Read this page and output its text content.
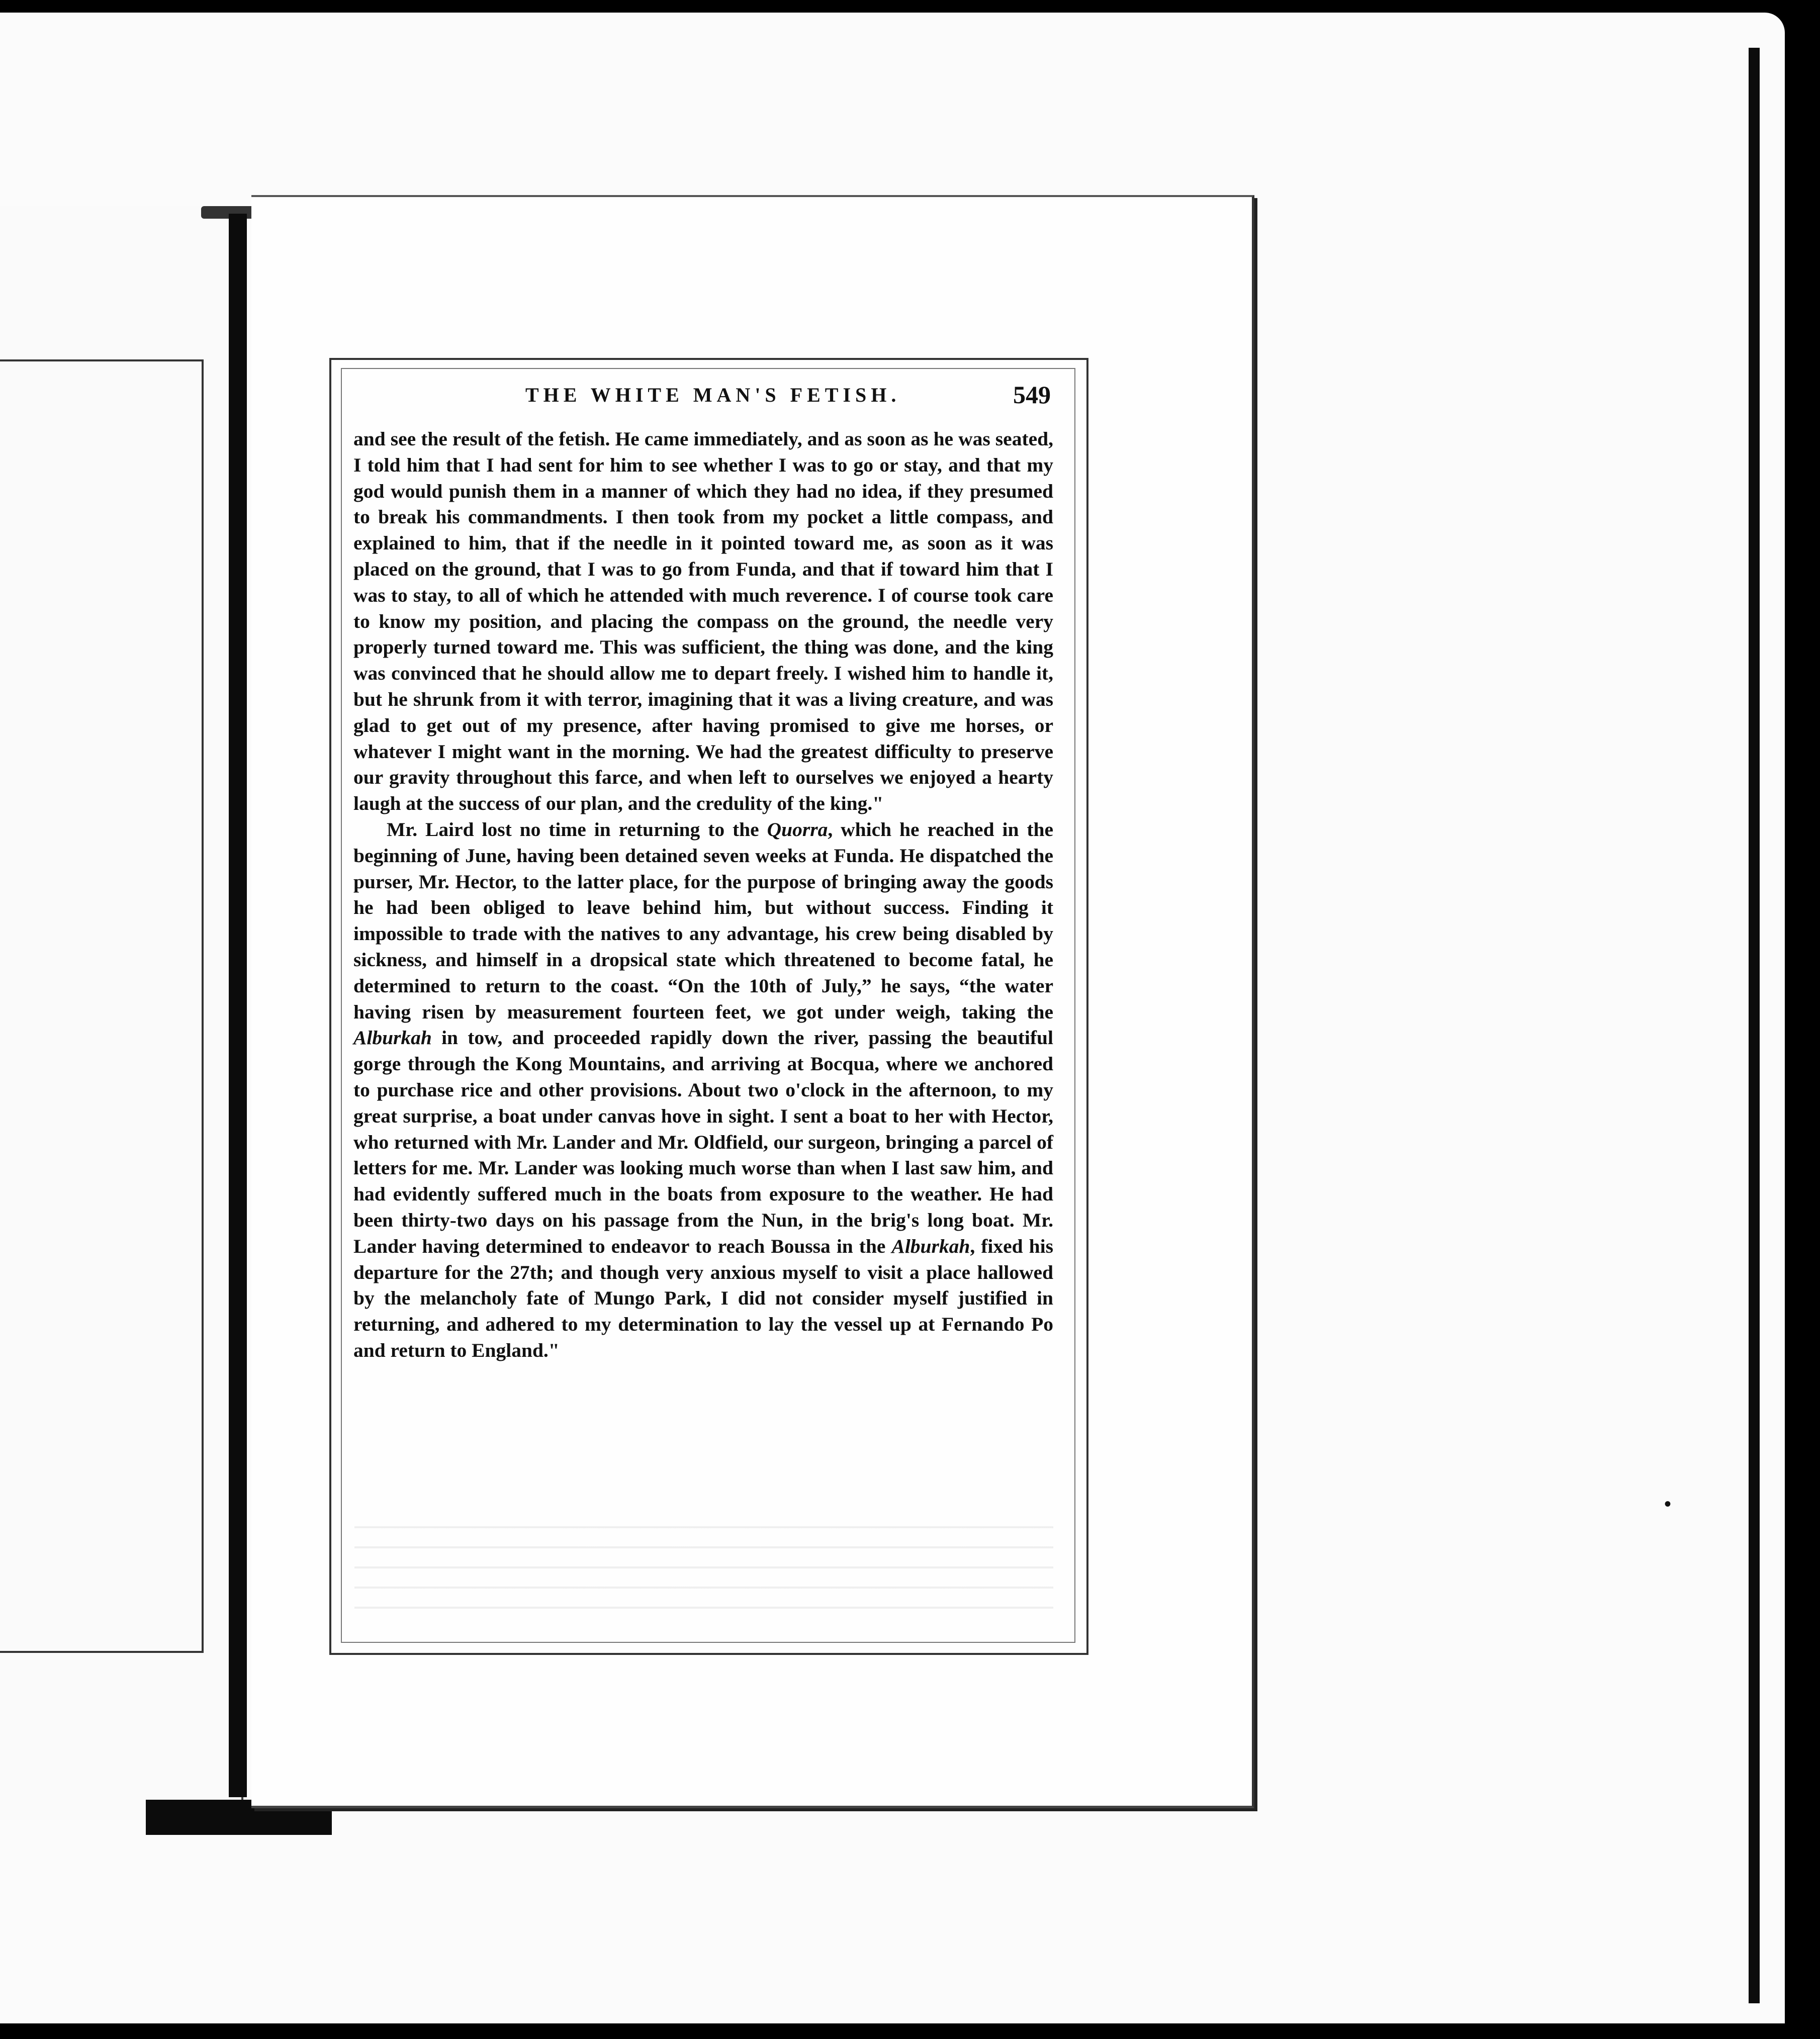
THE WHITE MAN'S FETISH.	549

and see the result of the fetish. He came immediately, and as soon as he was seated, I told him that I had sent for him to see whether I was to go or stay, and that my god would punish them in a manner of which they had no idea, if they presumed to break his commandments. I then took from my pocket a little compass, and explained to him, that if the needle in it pointed toward me, as soon as it was placed on the ground, that I was to go from Funda, and that if toward him that I was to stay, to all of which he attended with much reverence. I of course took care to know my position, and placing the compass on the ground, the needle very properly turned toward me. This was sufficient, the thing was done, and the king was convinced that he should allow me to depart freely. I wished him to handle it, but he shrunk from it with terror, imagining that it was a living creature, and was glad to get out of my presence, after having promised to give me horses, or whatever I might want in the morning. We had the greatest difficulty to preserve our gravity throughout this farce, and when left to ourselves we enjoyed a hearty laugh at the success of our plan, and the credulity of the king."

Mr. Laird lost no time in returning to the Quorra, which he reached in the beginning of June, having been detained seven weeks at Funda. He dispatched the purser, Mr. Hector, to the latter place, for the purpose of bringing away the goods he had been obliged to leave behind him, but without success. Finding it impossible to trade with the natives to any advantage, his crew being disabled by sickness, and himself in a dropsical state which threatened to become fatal, he determined to return to the coast. “On the 10th of July,” he says, “the water having risen by measurement fourteen feet, we got under weigh, taking the Alburkah in tow, and proceeded rapidly down the river, passing the beautiful gorge through the Kong Mountains, and arriving at Bocqua, where we anchored to purchase rice and other provisions. About two o'clock in the afternoon, to my great surprise, a boat under canvas hove in sight. I sent a boat to her with Hector, who returned with Mr. Lander and Mr. Oldfield, our surgeon, bringing a parcel of letters for me. Mr. Lander was looking much worse than when I last saw him, and had evidently suffered much in the boats from exposure to the weather. He had been thirty-two days on his passage from the Nun, in the brig's long boat. Mr. Lander having determined to endeavor to reach Boussa in the Alburkah, fixed his departure for the 27th; and though very anxious myself to visit a place hallowed by the melancholy fate of Mungo Park, I did not consider myself justified in returning, and adhered to my determination to lay the vessel up at Fernando Po and return to England."

•
